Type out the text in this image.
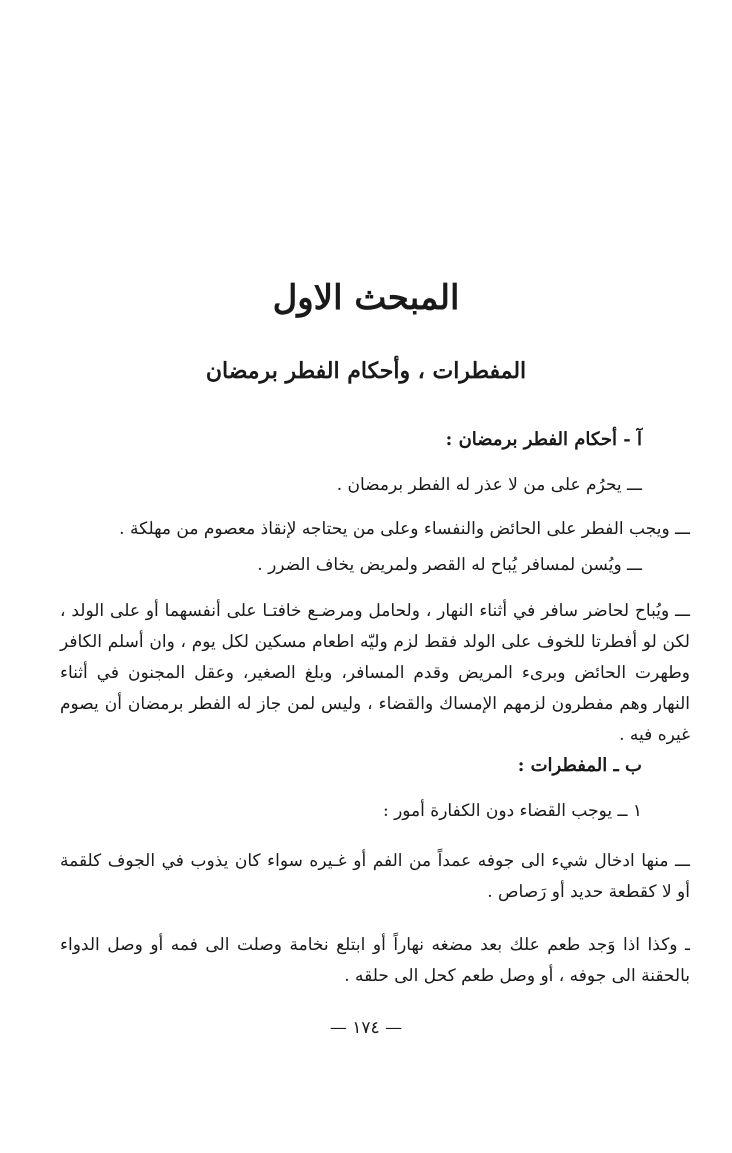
المبحث الاول
المفطرات ، وأحكام الفطر برمضان

آ - أحكام الفطر برمضان :

ـــ يحرُم على من لا عذر له الفطر برمضان .

ـــ ويجب الفطر على الحائض والنفساء وعلى من يحتاجه لإنقاذ معصوم من مهلكة .

ـــ ويُسن لمسافر يُباح له القصر ولمريض يخاف الضرر .

ـــ ويُباح لحاضر سافر في أثناء النهار ، ولحامل ومرضـع خافتـا على أنفسهما أو على الولد ، لكن لو أفطرتا للخوف على الولد فقط لزم وليّه اطعام مسكين لكل يوم ، وان أسلم الكافر وطهرت الحائض وبرىء المريض وقدم المسافر، وبلغ الصغير، وعقل المجنون في أثناء النهار وهم مفطرون لزمهم الإمساك والقضاء ، وليس لمن جاز له الفطر برمضان أن يصوم غيره فيه .

ب ـ المفطرات :

١ ــ يوجب القضاء دون الكفارة أمور :

ـــ منها ادخال شيء الى جوفه عمداً من الفم أو غـيره سواء كان يذوب في الجوف كلقمة أو لا كقطعة حديد أو رَصاص .

ـ وكذا اذا وَجد طعم علك بعد مضغه نهاراً أو ابتلع نخامة وصلت الى فمه أو وصل الدواء بالحقنة الى جوفه ، أو وصل طعم كحل الى حلقه .

— ١٧٤ —
